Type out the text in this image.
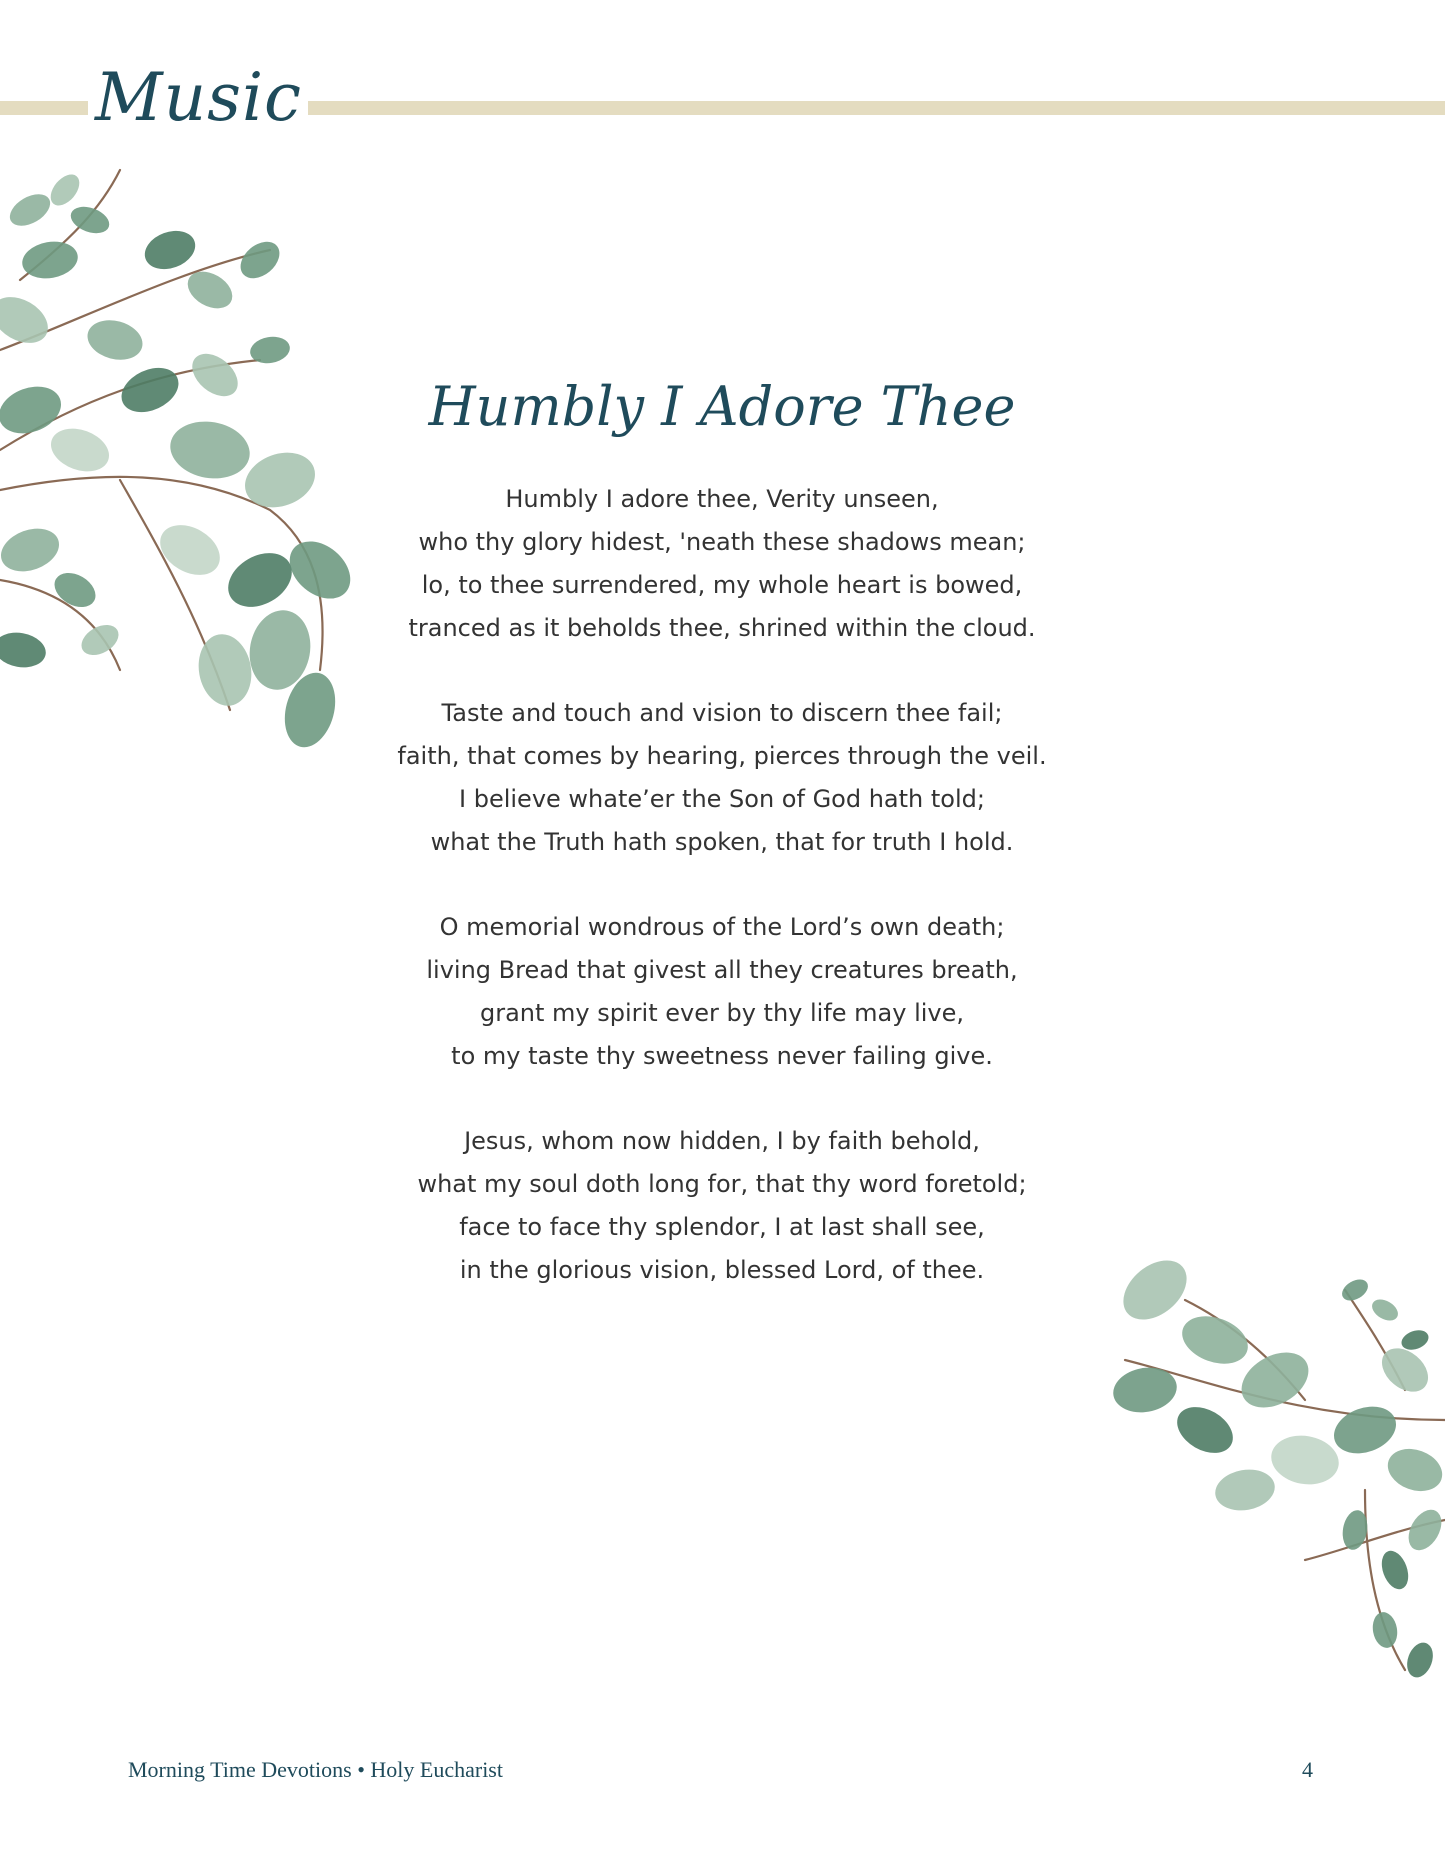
Music
Humbly I Adore Thee
Humbly I adore thee, Verity unseen,
who thy glory hidest, 'neath these shadows mean;
lo, to thee surrendered, my whole heart is bowed,
tranced as it beholds thee, shrined within the cloud.
Taste and touch and vision to discern thee fail;
faith, that comes by hearing, pierces through the veil.
I believe whate’er the Son of God hath told;
what the Truth hath spoken, that for truth I hold.
O memorial wondrous of the Lord’s own death;
living Bread that givest all they creatures breath,
grant my spirit ever by thy life may live,
to my taste thy sweetness never failing give.
Jesus, whom now hidden, I by faith behold,
what my soul doth long for, that thy word foretold;
face to face thy splendor, I at last shall see,
in the glorious vision, blessed Lord, of thee.
Morning Time Devotions • Holy Eucharist	4
